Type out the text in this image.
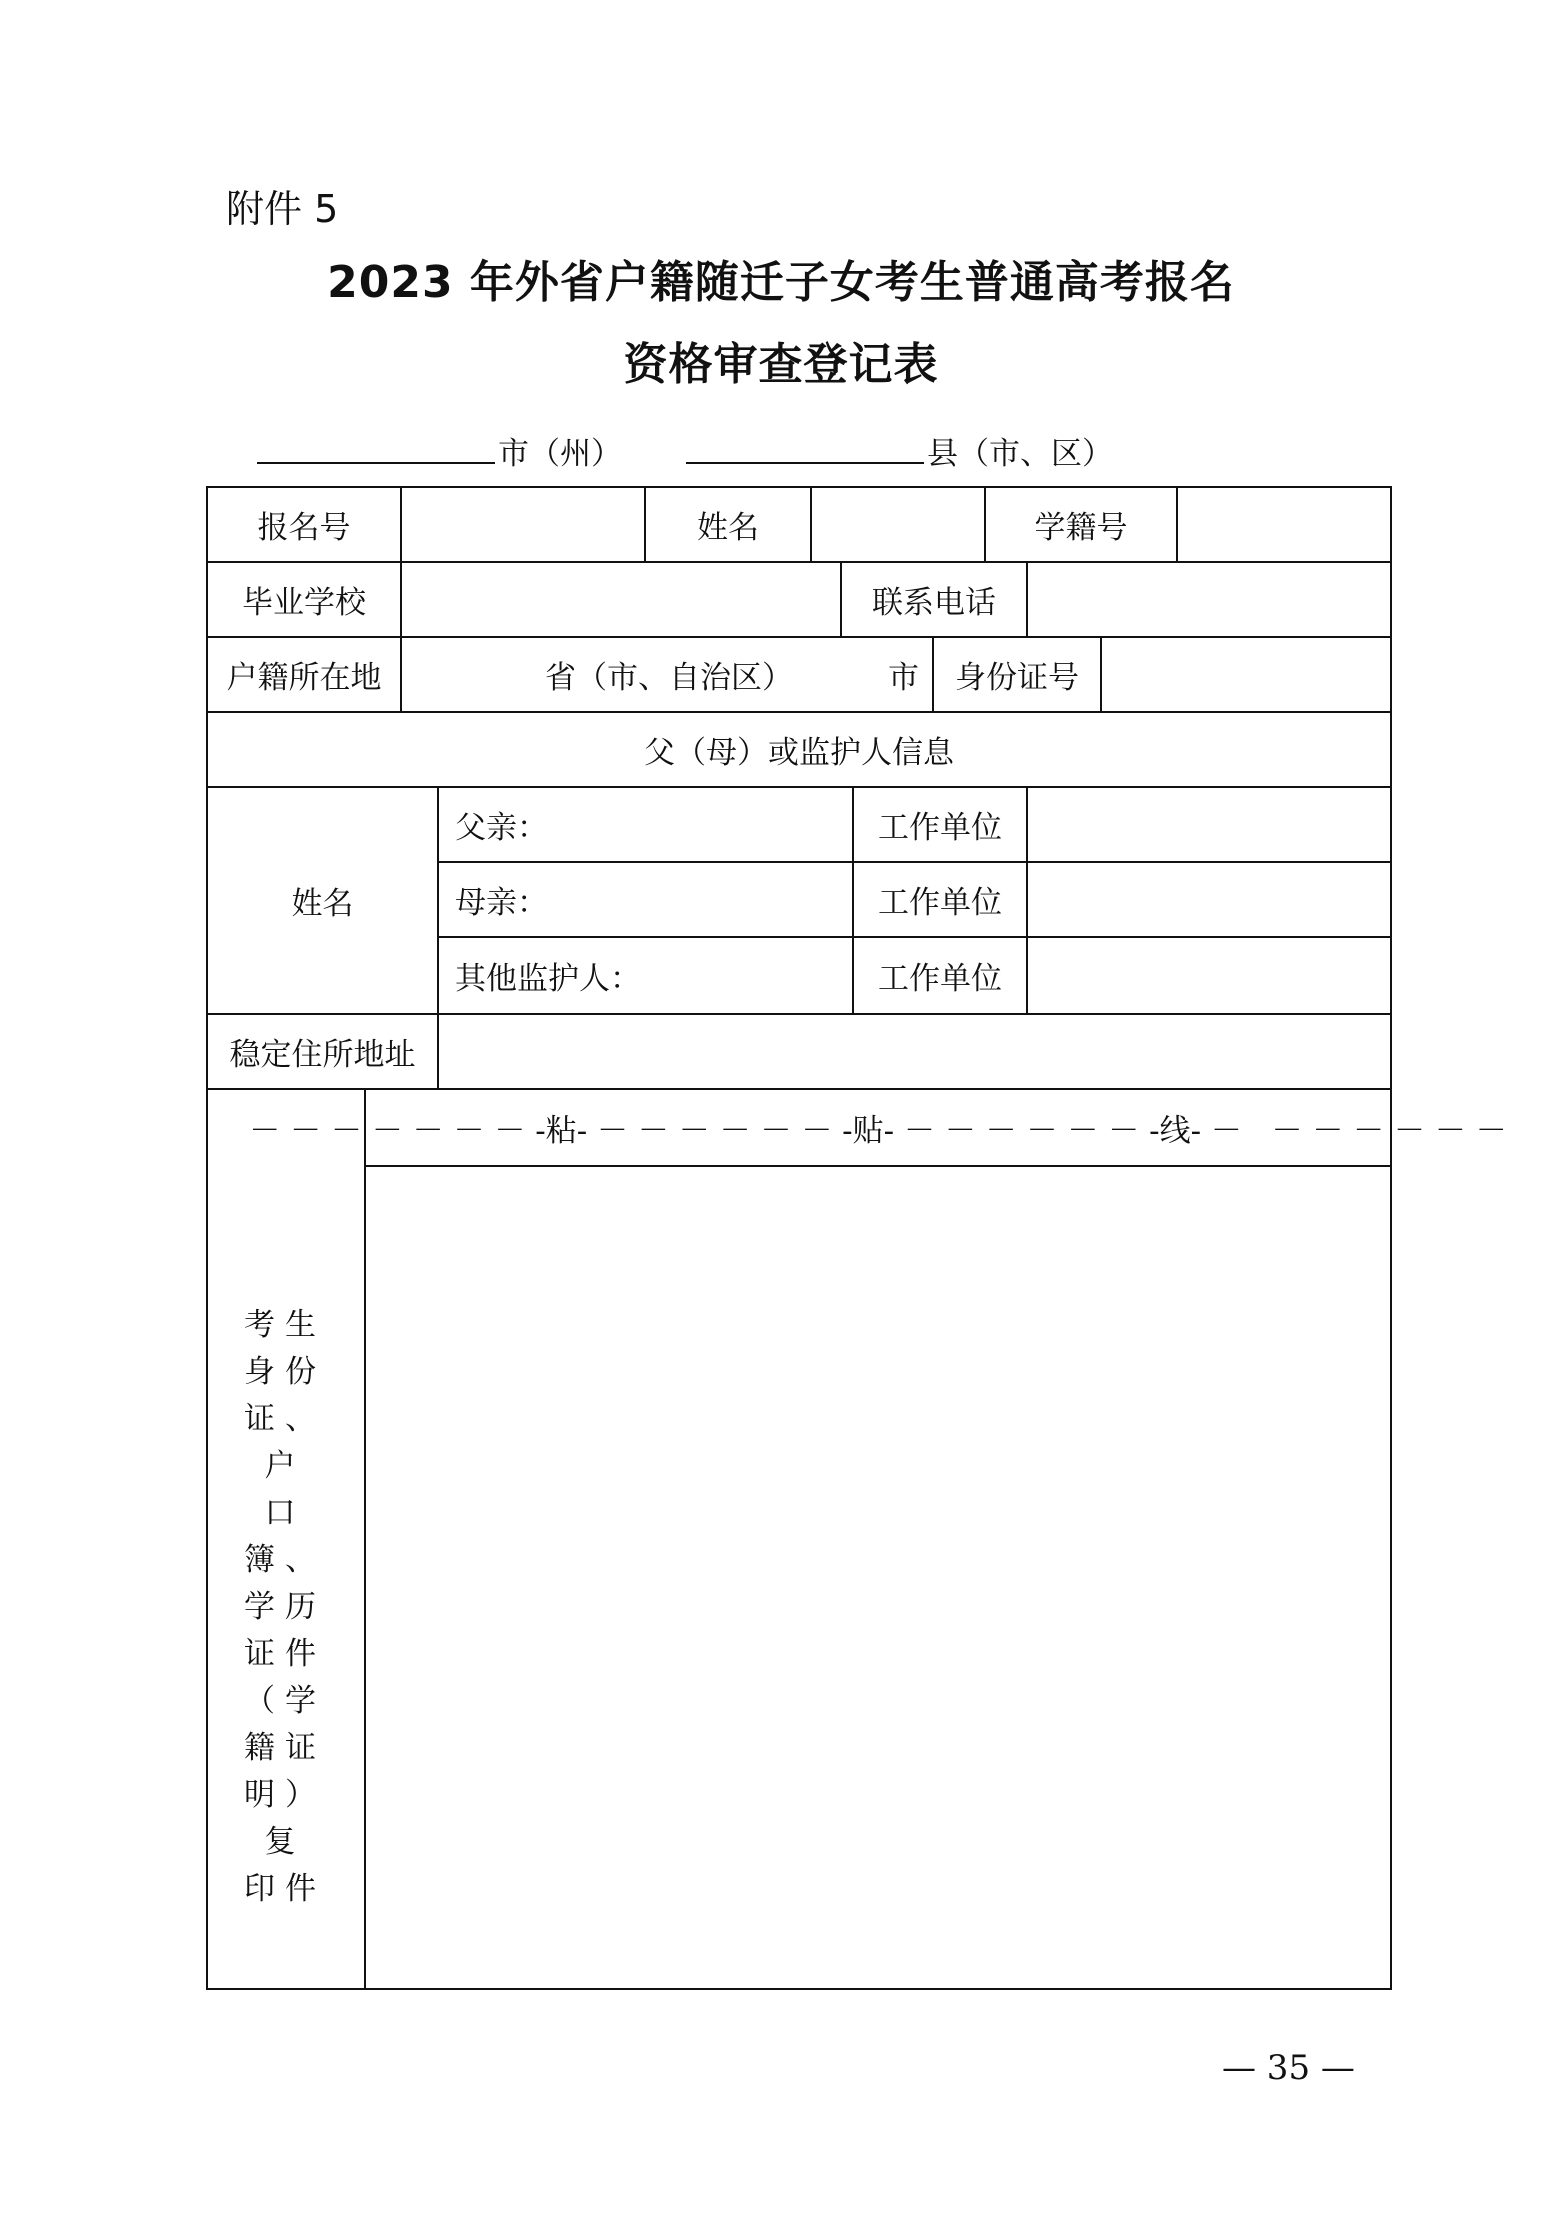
附件 5
2023 年外省户籍随迁子女考生普通高考报名
资格审查登记表
市（州）	县（市、区）
报名号	姓名	学籍号
毕业学校	联系电话
户籍所在地	省（市、自治区）	市	身份证号
父（母）或监护人信息
姓名
父亲：	工作单位
母亲：	工作单位
其他监护人：	工作单位
稳定住所地址
考生
身份
证、户
口簿、
学历
证件
（学
籍证
明）复
印件
－ － － － － － － -粘- － － － － － － -贴- － － － － － － -线- －   － － － － － －
— 35 —
